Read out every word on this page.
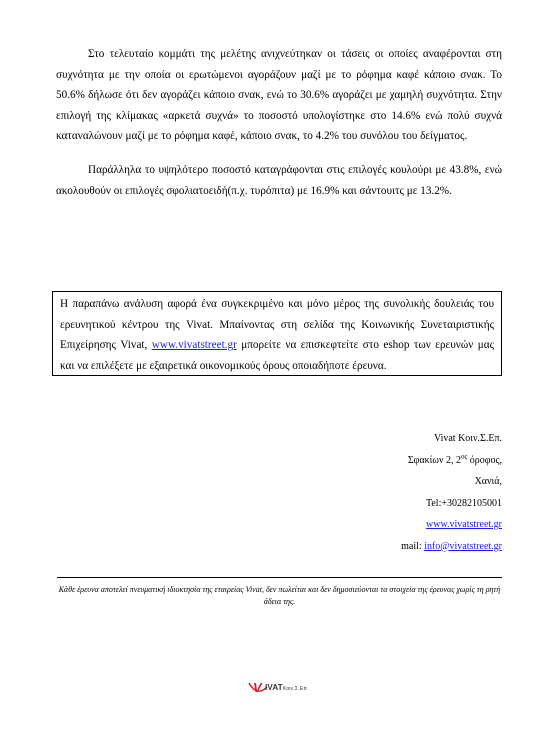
Στο τελευταίο κομμάτι της μελέτης ανιχνεύτηκαν οι τάσεις οι οποίες αναφέρονται στη συχνότητα με την οποία οι ερωτώμενοι αγοράζουν μαζί με το ρόφημα καφέ κάποιο σνακ. Το 50.6% δήλωσε ότι δεν αγοράζει κάποιο σνακ, ενώ το 30.6% αγοράζει με χαμηλή συχνότητα. Στην επιλογή της κλίμακας «αρκετά συχνά» το ποσοστό υπολογίστηκε στο 14.6% ενώ πολύ συχνά καταναλώνουν μαζί με το ρόφημα καφέ, κάποιο σνακ, το 4.2% του συνόλου του δείγματος.

Παράλληλα το υψηλότερο ποσοστό καταγράφονται στις επιλογές κουλούρι με 43.8%, ενώ ακολουθούν οι επιλογές σφολιατοειδή(π.χ. τυρόπιτα) με 16.9% και σάντουιτς με 13.2%.

Η παραπάνω ανάλυση αφορά ένα συγκεκριμένο και μόνο μέρος της συνολικής δουλειάς του ερευνητικού κέντρου της Vivat. Μπαίνοντας στη σελίδα της Κοινωνικής Συνεταιριστικής Επιχείρησης Vivat, www.vivatstreet.gr μπορείτε να επισκεφτείτε στο eshop των ερευνών μας και να επιλέξετε με εξαιρετικά οικονομικούς όρους οποιαδήποτε έρευνα.
Vivat Κοιν.Σ.Επ.
Σφακίων 2, $2^{o\varsigma}$ όροφος,
Χανιά,
Tel:+30282105001
www.vivatstreet.gr
mail: info@vivatstreet.gr
Κάθε έρευνα αποτελεί πνευματική ιδιοκτησία της εταιρείας Vivat, δεν πωλείται και δεν δημοσιεύονται τα στοιχεία της έρευνας χωρίς τη ρητή άδεια της.
V IVATΚοιν.Σ.Επ.
